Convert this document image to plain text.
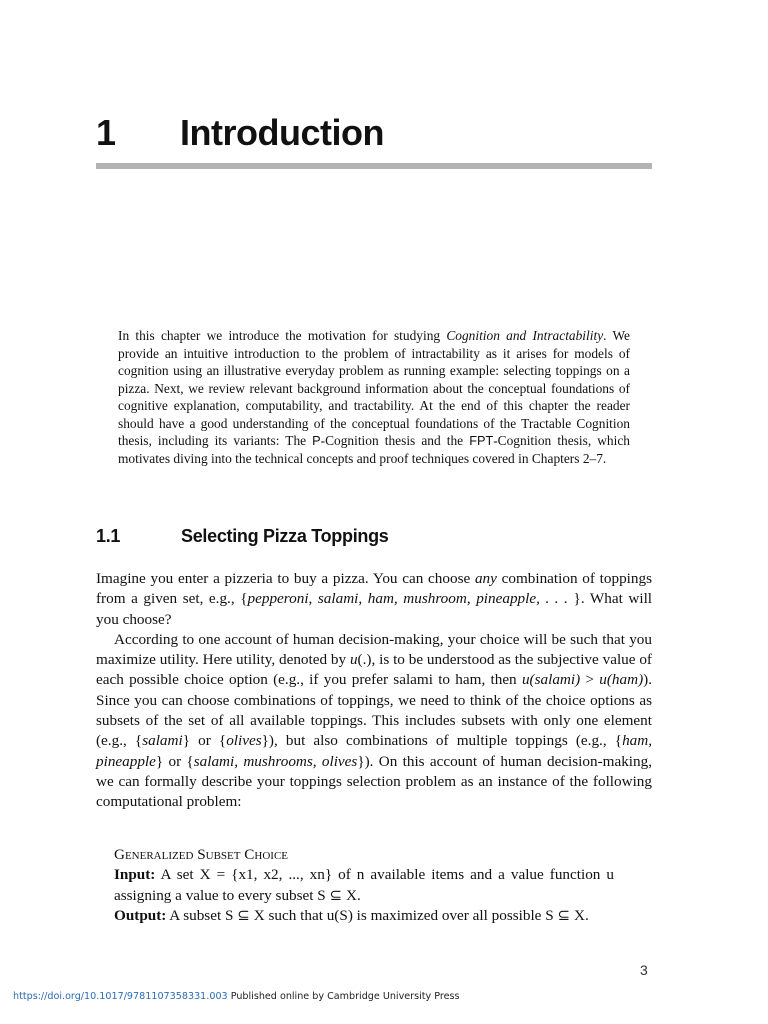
1 Introduction
In this chapter we introduce the motivation for studying Cognition and Intractability. We provide an intuitive introduction to the problem of intractability as it arises for models of cognition using an illustrative everyday problem as running example: selecting toppings on a pizza. Next, we review relevant background information about the conceptual foundations of cognitive explanation, computability, and tractability. At the end of this chapter the reader should have a good understanding of the conceptual foundations of the Tractable Cognition thesis, including its variants: The P-Cognition thesis and the FPT-Cognition thesis, which motivates diving into the technical concepts and proof techniques covered in Chapters 2–7.
1.1	Selecting Pizza Toppings

Imagine you enter a pizzeria to buy a pizza. You can choose any combination of toppings from a given set, e.g., {pepperoni, salami, ham, mushroom, pineapple, . . . }. What will you choose?

According to one account of human decision-making, your choice will be such that you maximize utility. Here utility, denoted by u(.), is to be understood as the subjective value of each possible choice option (e.g., if you prefer salami to ham, then u(salami) > u(ham)). Since you can choose combinations of toppings, we need to think of the choice options as subsets of the set of all available toppings. This includes subsets with only one element (e.g., {salami} or {olives}), but also combinations of multiple toppings (e.g., {ham, pineapple} or {salami, mushrooms, olives}). On this account of human decision-making, we can formally describe your toppings selection problem as an instance of the following computational problem:

Generalized Subset Choice
Input: A set X = {x1, x2, ..., xn} of n available items and a value function u assigning a value to every subset S ⊆ X.
Output: A subset S ⊆ X such that u(S) is maximized over all possible S ⊆ X.
3
https://doi.org/10.1017/9781107358331.003 Published online by Cambridge University Press
